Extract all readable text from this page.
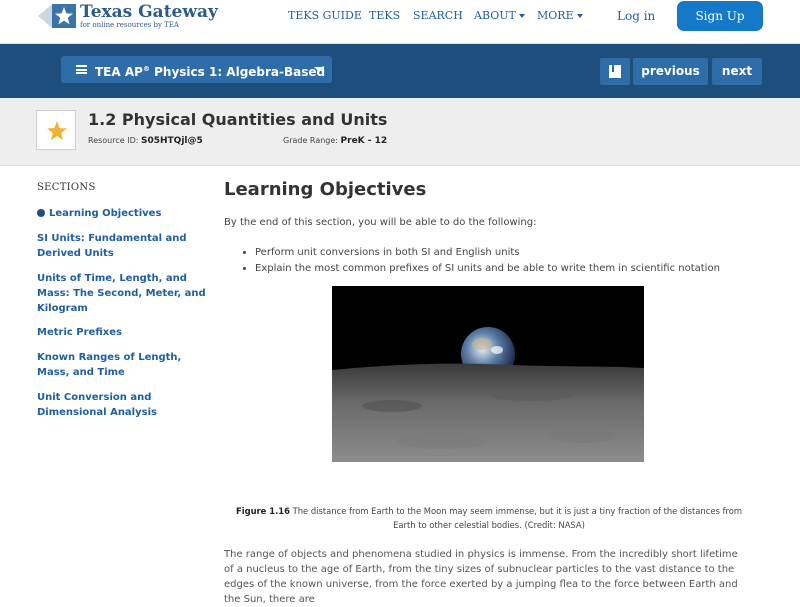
Texas Gateway
for online resources by TEA
TEKS GUIDE TEKS SEARCH ABOUT	MORE	Log in	Sign Up
TEA AP® Physics 1: Algebra-Based	previous	next
1.2 Physical Quantities and Units
Resource ID: S05HTQjl@5	Grade Range: PreK - 12
SECTIONS
Learning Objectives
SI Units: Fundamental and Derived Units
Units of Time, Length, and Mass: The Second, Meter, and Kilogram
Metric Prefixes
Known Ranges of Length, Mass, and Time
Unit Conversion and Dimensional Analysis
Learning Objectives
By the end of this section, you will be able to do the following:
• Perform unit conversions in both SI and English units
• Explain the most common prefixes of SI units and be able to write them in scientific notation
Figure 1.16 The distance from Earth to the Moon may seem immense, but it is just a tiny fraction of the distances from Earth to other celestial bodies. (Credit: NASA)
The range of objects and phenomena studied in physics is immense. From the incredibly short lifetime of a nucleus to the age of Earth, from the tiny sizes of subnuclear particles to the vast distance to the edges of the known universe, from the force exerted by a jumping flea to the force between Earth and the Sun, there are
